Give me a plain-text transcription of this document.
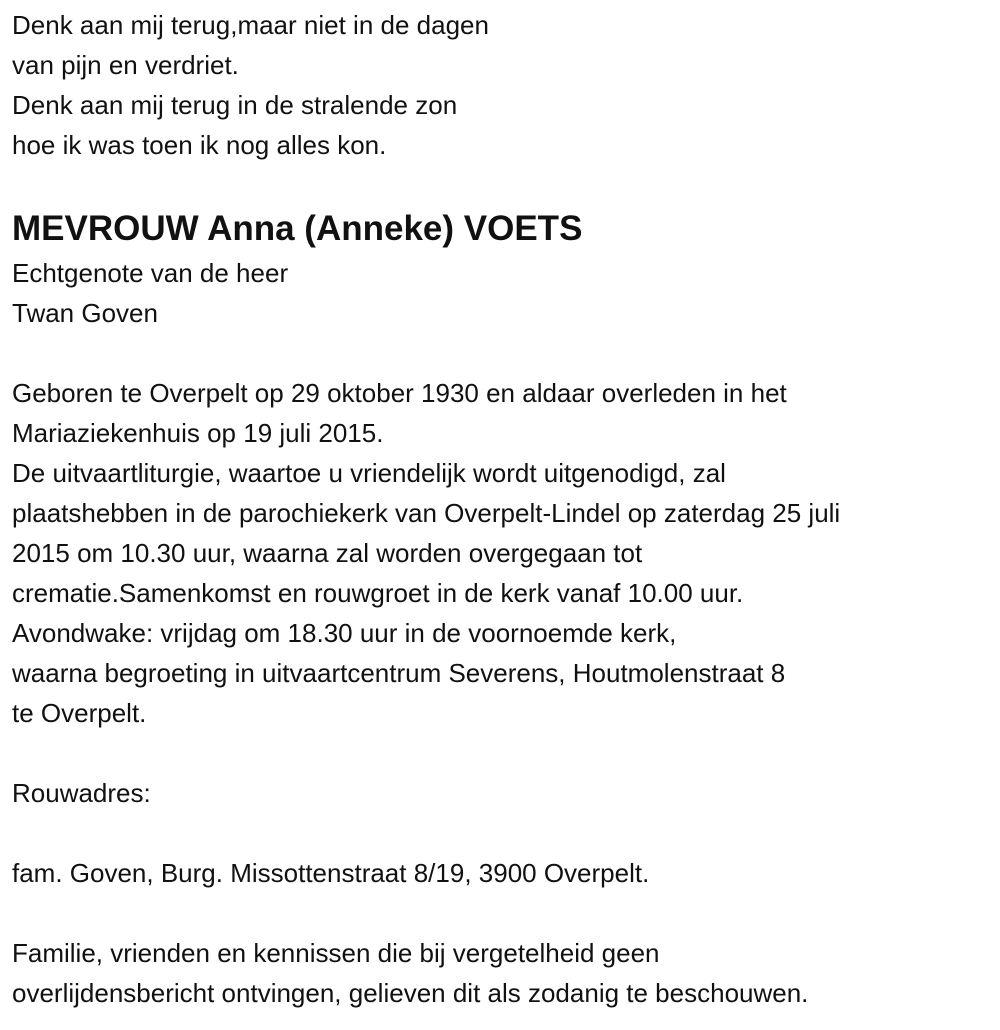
Denk aan mij terug,maar niet in de dagen
van pijn en verdriet.
Denk aan mij terug in de stralende zon
hoe ik was toen ik nog alles kon.
MEVROUW Anna (Anneke) VOETS
Echtgenote van de heer
Twan Goven
Geboren te Overpelt op 29 oktober 1930 en aldaar overleden in het
Mariaziekenhuis op 19 juli 2015.
De uitvaartliturgie, waartoe u vriendelijk wordt uitgenodigd, zal
plaatshebben in de parochiekerk van Overpelt-Lindel op zaterdag 25 juli
2015 om 10.30 uur, waarna zal worden overgegaan tot
crematie.Samenkomst en rouwgroet in de kerk vanaf 10.00 uur.
Avondwake: vrijdag om 18.30 uur in de voornoemde kerk,
waarna begroeting in uitvaartcentrum Severens, Houtmolenstraat 8
te Overpelt.
Rouwadres:
fam. Goven, Burg. Missottenstraat 8/19, 3900 Overpelt.
Familie, vrienden en kennissen die bij vergetelheid geen
overlijdensbericht ontvingen, gelieven dit als zodanig te beschouwen.
